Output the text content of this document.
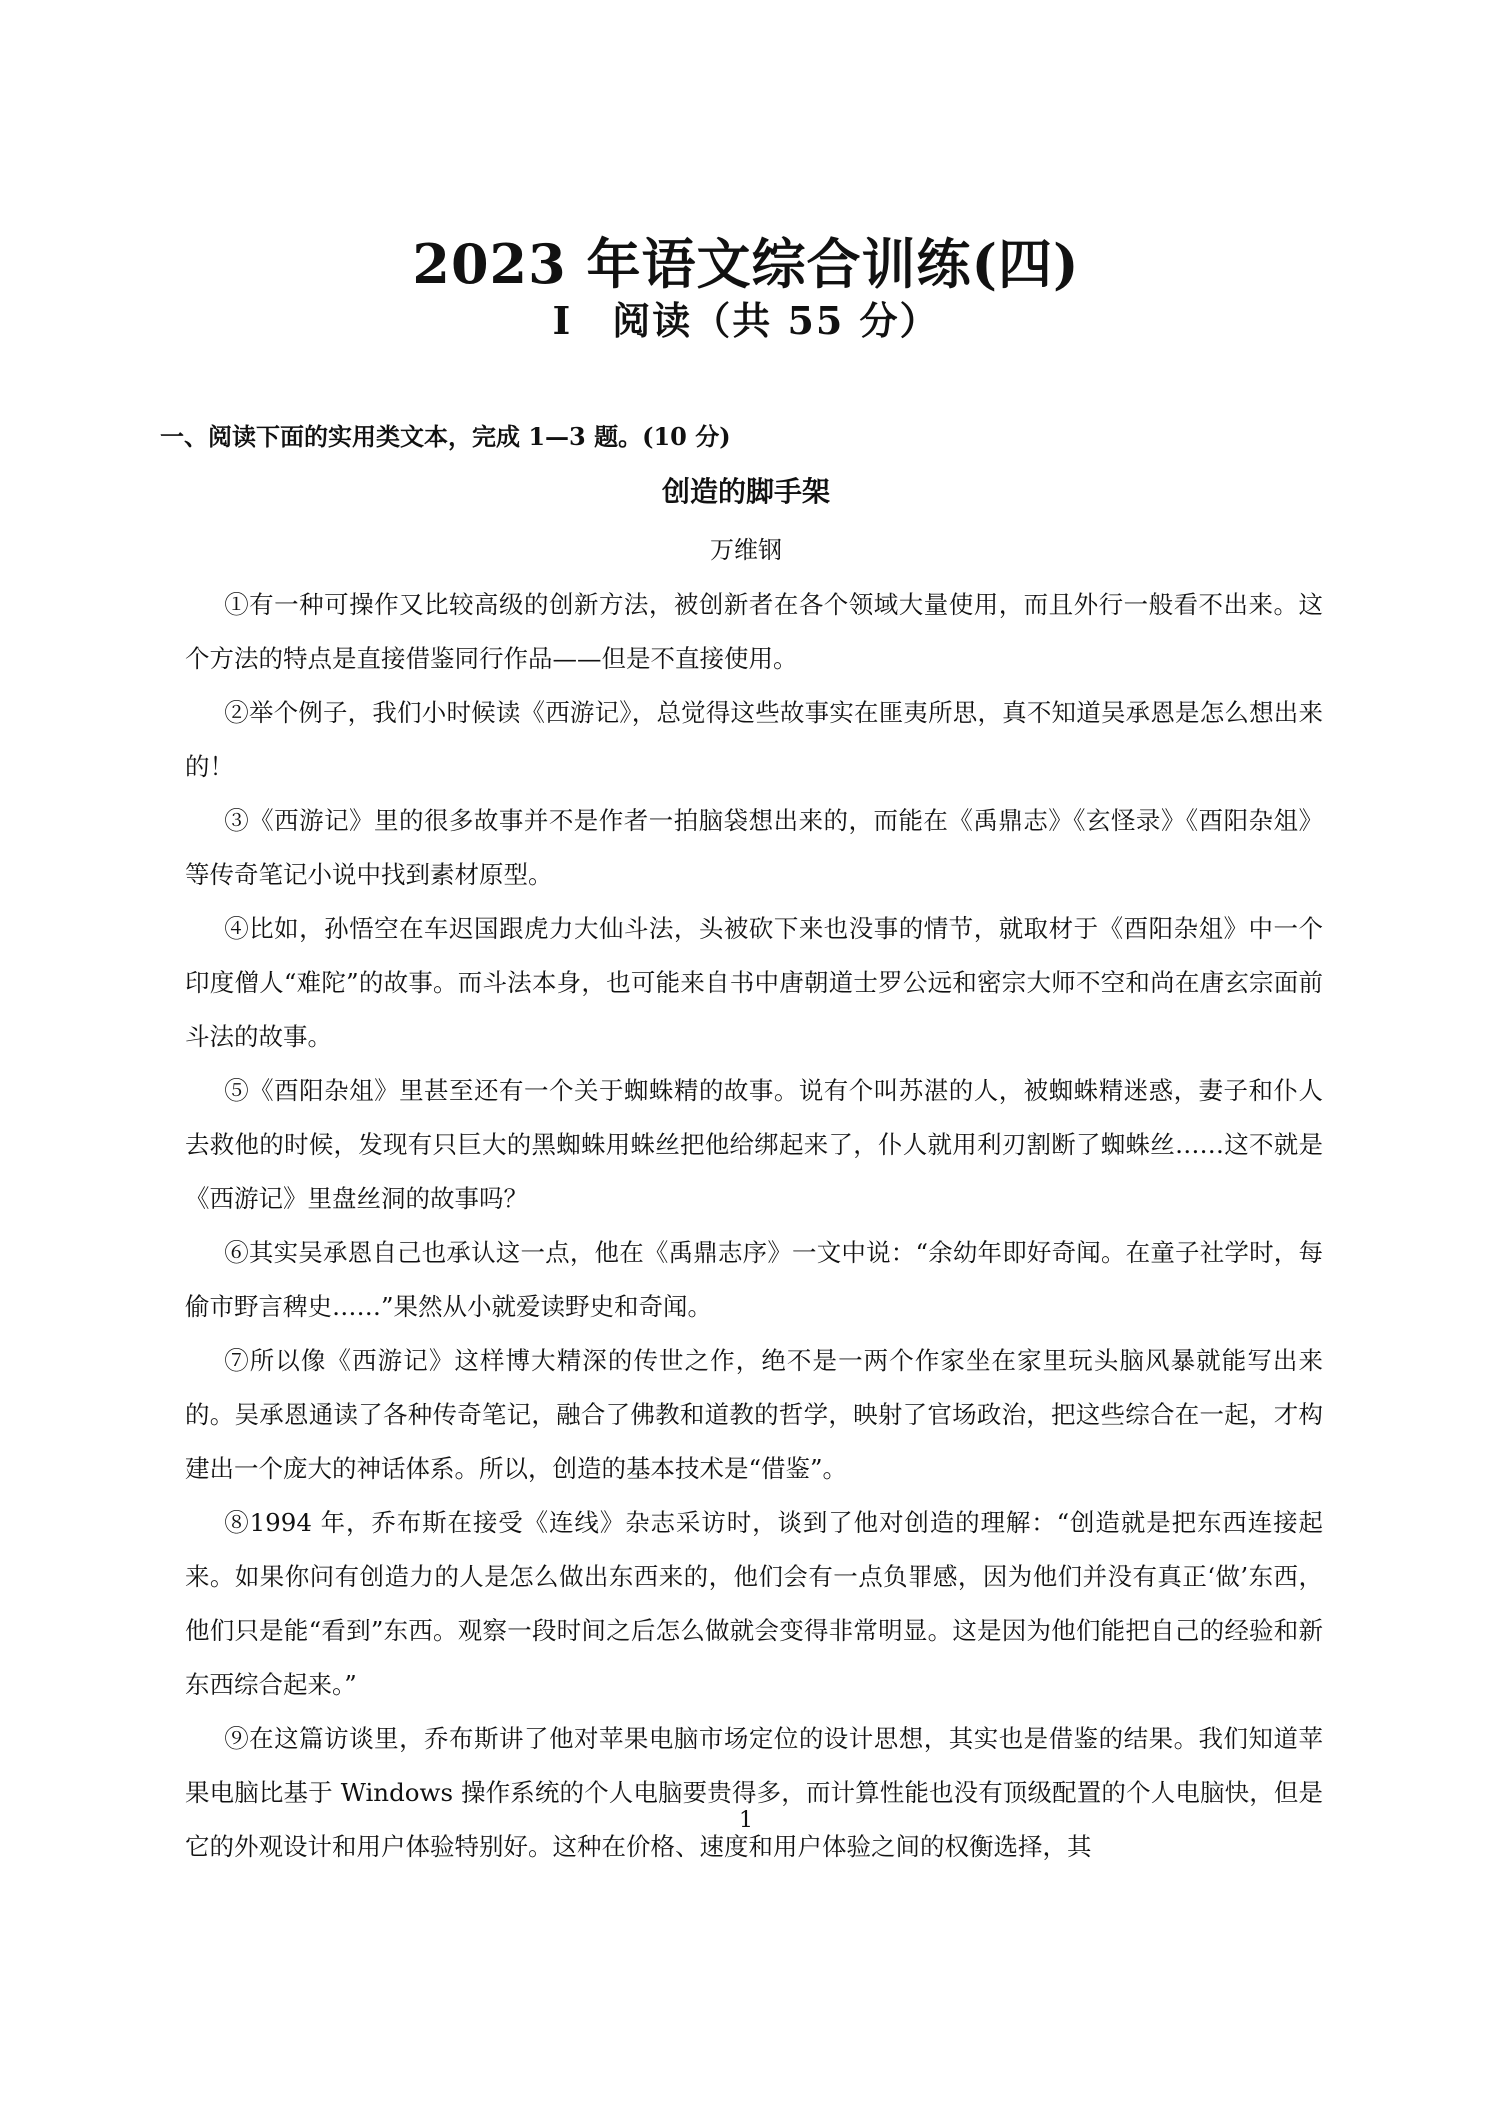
2023 年语文综合训练(四)
Ⅰ　阅读（共 55 分）
一、阅读下面的实用类文本，完成 1—3 题。(10 分)
创造的脚手架
万维钢

①有一种可操作又比较高级的创新方法，被创新者在各个领域大量使用，而且外行一般看不出来。这个方法的特点是直接借鉴同行作品——但是不直接使用。

②举个例子，我们小时候读《西游记》，总觉得这些故事实在匪夷所思，真不知道吴承恩是怎么想出来的！

③《西游记》里的很多故事并不是作者一拍脑袋想出来的，而能在《禹鼎志》《玄怪录》《酉阳杂俎》等传奇笔记小说中找到素材原型。

④比如，孙悟空在车迟国跟虎力大仙斗法，头被砍下来也没事的情节，就取材于《酉阳杂俎》中一个印度僧人“难陀”的故事。而斗法本身，也可能来自书中唐朝道士罗公远和密宗大师不空和尚在唐玄宗面前斗法的故事。

⑤《酉阳杂俎》里甚至还有一个关于蜘蛛精的故事。说有个叫苏湛的人，被蜘蛛精迷惑，妻子和仆人去救他的时候，发现有只巨大的黑蜘蛛用蛛丝把他给绑起来了，仆人就用利刃割断了蜘蛛丝……这不就是《西游记》里盘丝洞的故事吗？

⑥其实吴承恩自己也承认这一点，他在《禹鼎志序》一文中说：“余幼年即好奇闻。在童子社学时，每偷市野言稗史……”果然从小就爱读野史和奇闻。

⑦所以像《西游记》这样博大精深的传世之作，绝不是一两个作家坐在家里玩头脑风暴就能写出来的。吴承恩通读了各种传奇笔记，融合了佛教和道教的哲学，映射了官场政治，把这些综合在一起，才构建出一个庞大的神话体系。所以，创造的基本技术是“借鉴”。

⑧1994 年，乔布斯在接受《连线》杂志采访时，谈到了他对创造的理解：“创造就是把东西连接起来。如果你问有创造力的人是怎么做出东西来的，他们会有一点负罪感，因为他们并没有真正‘做’东西，他们只是能“看到”东西。观察一段时间之后怎么做就会变得非常明显。这是因为他们能把自己的经验和新东西综合起来。”

⑨在这篇访谈里，乔布斯讲了他对苹果电脑市场定位的设计思想，其实也是借鉴的结果。我们知道苹果电脑比基于 Windows 操作系统的个人电脑要贵得多，而计算性能也没有顶级配置的个人电脑快，但是它的外观设计和用户体验特别好。这种在价格、速度和用户体验之间的权衡选择，其

1
